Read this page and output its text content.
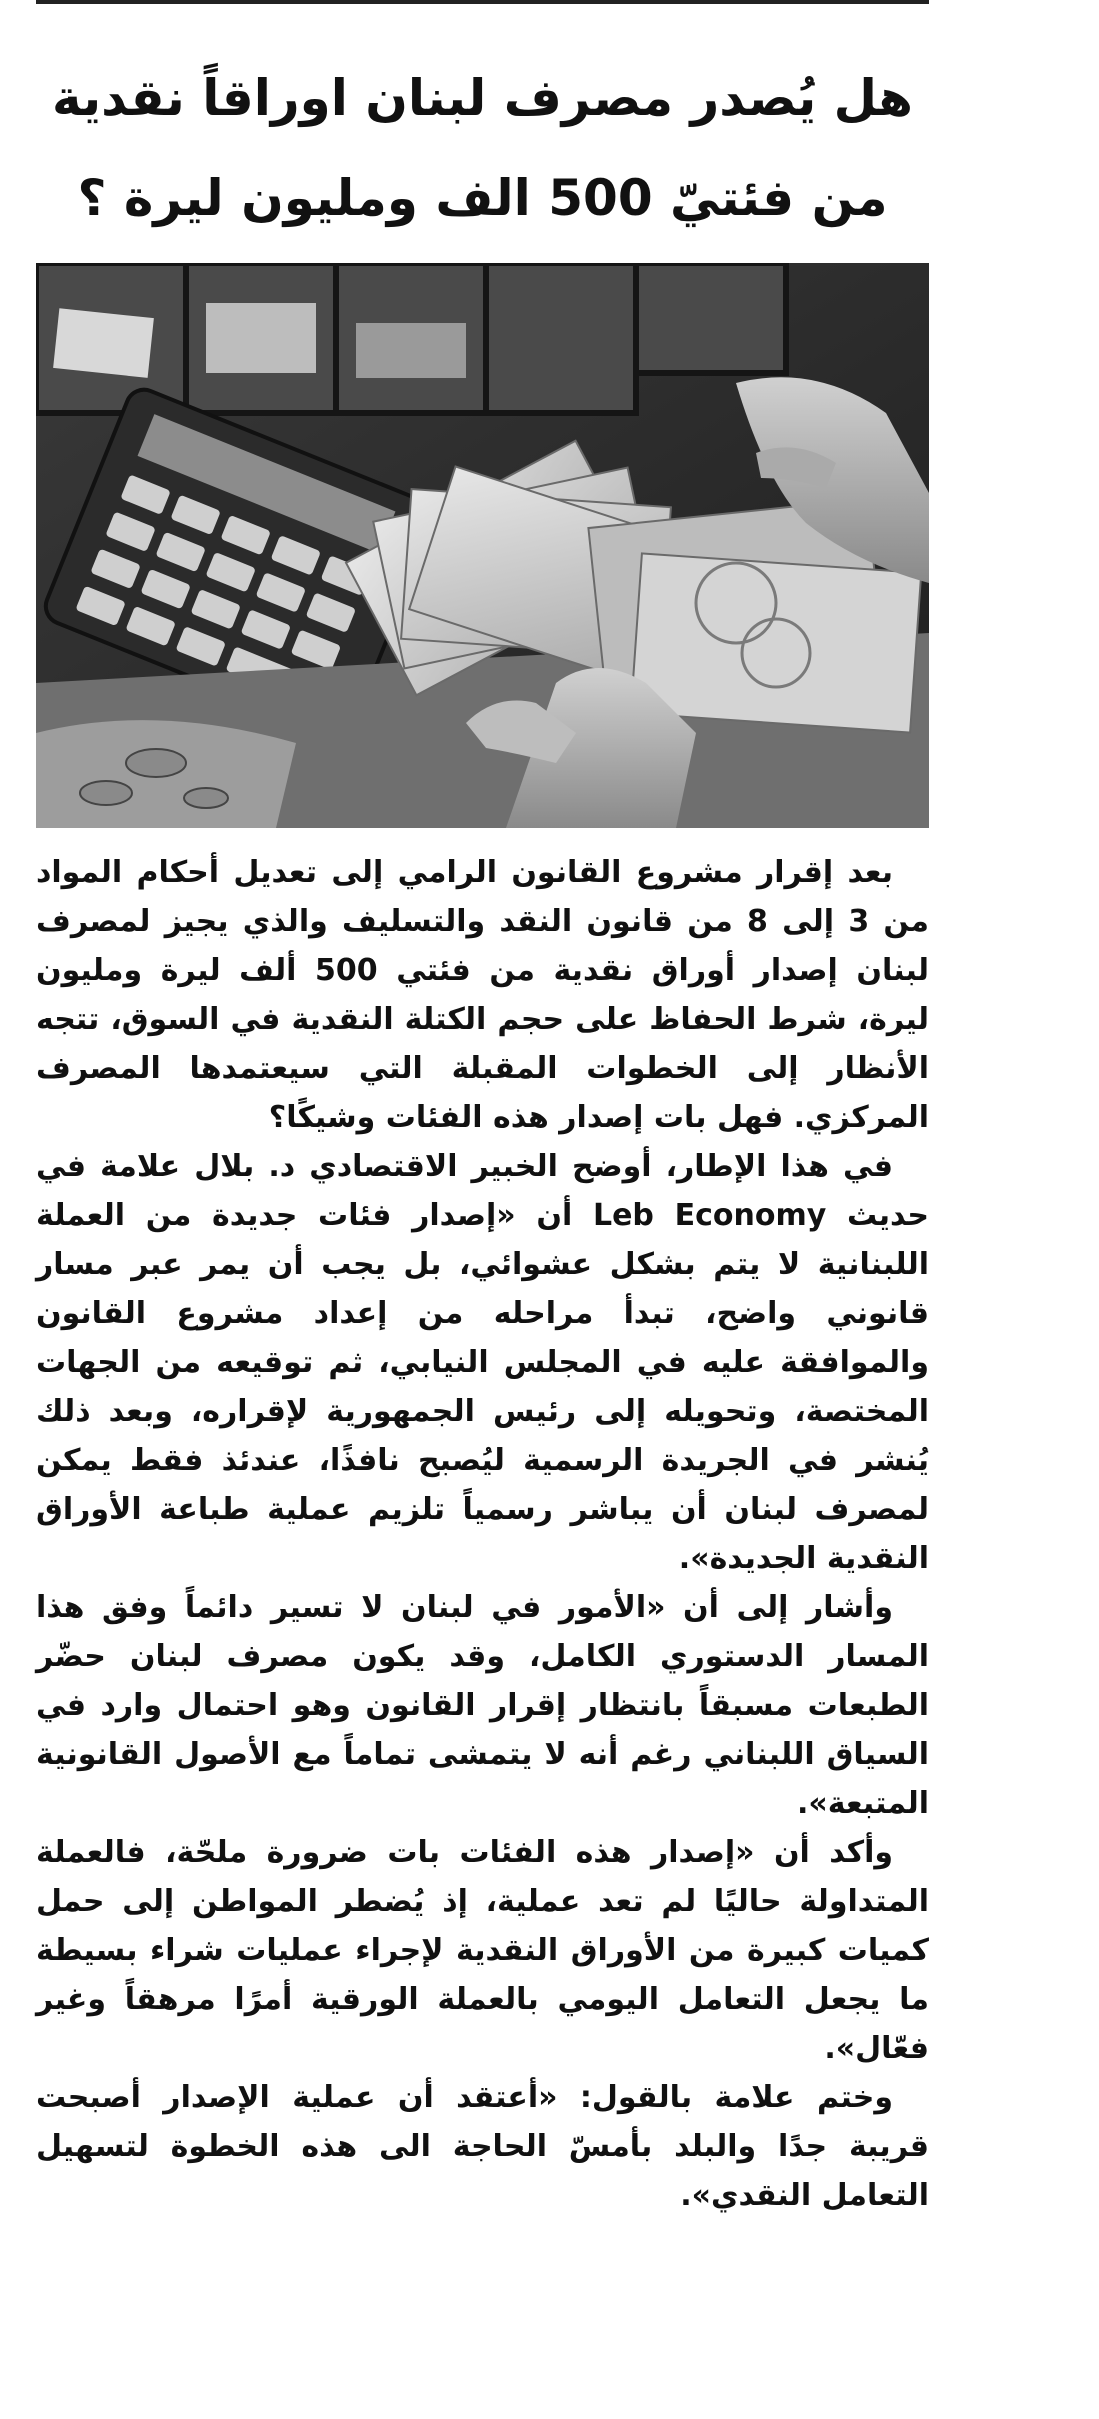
هل يُصدر مصرف لبنان اوراقاً نقدية
من فئتيّ 500 الف ومليون ليرة ؟

بعد إقرار مشروع القانون الرامي إلى تعديل أحكام المواد من 3 إلى 8 من قانون النقد والتسليف والذي يجيز لمصرف لبنان إصدار أوراق نقدية من فئتي 500 ألف ليرة ومليون ليرة، شرط الحفاظ على حجم الكتلة النقدية في السوق، تتجه الأنظار إلى الخطوات المقبلة التي سيعتمدها المصرف المركزي. فهل بات إصدار هذه الفئات وشيكًا؟

في هذا الإطار، أوضح الخبير الاقتصادي د. بلال علامة في حديث Leb Economy أن «إصدار فئات جديدة من العملة اللبنانية لا يتم بشكل عشوائي، بل يجب أن يمر عبر مسار قانوني واضح، تبدأ مراحله من إعداد مشروع القانون والموافقة عليه في المجلس النيابي، ثم توقيعه من الجهات المختصة، وتحويله إلى رئيس الجمهورية لإقراره، وبعد ذلك يُنشر في الجريدة الرسمية ليُصبح نافذًا، عندئذ فقط يمكن لمصرف لبنان أن يباشر رسمياً تلزيم عملية طباعة الأوراق النقدية الجديدة».

وأشار إلى أن «الأمور في لبنان لا تسير دائماً وفق هذا المسار الدستوري الكامل، وقد يكون مصرف لبنان حضّر الطبعات مسبقاً بانتظار إقرار القانون وهو احتمال وارد في السياق اللبناني رغم أنه لا يتمشى تماماً مع الأصول القانونية المتبعة».

وأكد أن «إصدار هذه الفئات بات ضرورة ملحّة، فالعملة المتداولة حاليًا لم تعد عملية، إذ يُضطر المواطن إلى حمل كميات كبيرة من الأوراق النقدية لإجراء عمليات شراء بسيطة ما يجعل التعامل اليومي بالعملة الورقية أمرًا مرهقاً وغير فعّال».

وختم علامة بالقول: «أعتقد أن عملية الإصدار أصبحت قريبة جدًا والبلد بأمسّ الحاجة الى هذه الخطوة لتسهيل التعامل النقدي».
